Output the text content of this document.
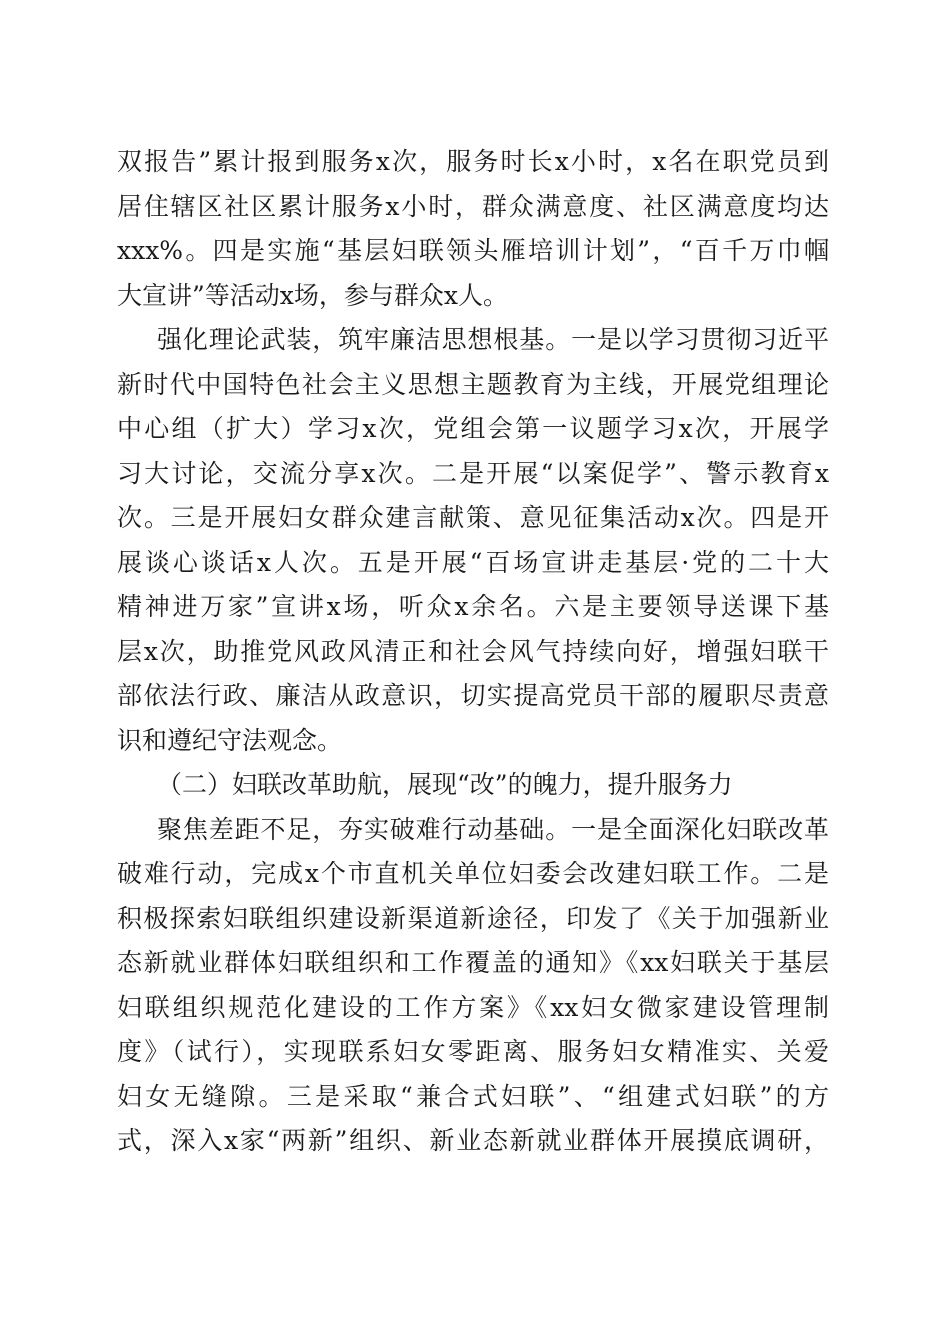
双报告”累计报到服务x次，服务时长x小时，x名在职党员到
居住辖区社区累计服务x小时，群众满意度、社区满意度均达
xxx%。四是实施“基层妇联领头雁培训计划”，“百千万巾帼
大宣讲”等活动x场，参与群众x人。
强化理论武装，筑牢廉洁思想根基。一是以学习贯彻习近平
新时代中国特色社会主义思想主题教育为主线，开展党组理论
中心组（扩大）学习x次，党组会第一议题学习x次，开展学
习大讨论，交流分享x次。二是开展“以案促学”、警示教育x
次。三是开展妇女群众建言献策、意见征集活动x次。四是开
展谈心谈话x人次。五是开展“百场宣讲走基层·党的二十大
精神进万家”宣讲x场，听众x余名。六是主要领导送课下基
层x次，助推党风政风清正和社会风气持续向好，增强妇联干
部依法行政、廉洁从政意识，切实提高党员干部的履职尽责意
识和遵纪守法观念。
（二）妇联改革助航，展现“改”的魄力，提升服务力
聚焦差距不足，夯实破难行动基础。一是全面深化妇联改革
破难行动，完成x个市直机关单位妇委会改建妇联工作。二是
积极探索妇联组织建设新渠道新途径，印发了《关于加强新业
态新就业群体妇联组织和工作覆盖的通知》《xx妇联关于基层
妇联组织规范化建设的工作方案》《xx妇女微家建设管理制
度》（试行），实现联系妇女零距离、服务妇女精准实、关爱
妇女无缝隙。三是采取“兼合式妇联”、“组建式妇联”的方
式，深入x家“两新”组织、新业态新就业群体开展摸底调研，
